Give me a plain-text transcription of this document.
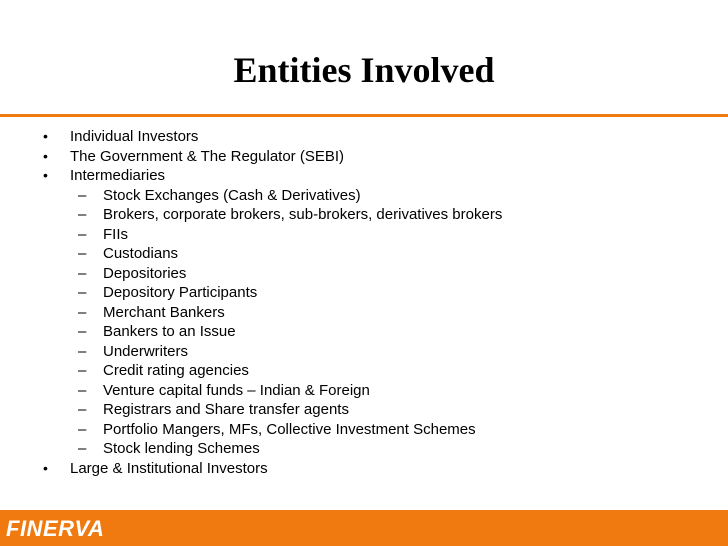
Entities Involved
• Individual Investors
• The Government & The Regulator (SEBI)
• Intermediaries
– Stock Exchanges (Cash & Derivatives)
– Brokers, corporate brokers, sub-brokers, derivatives brokers
– FIIs
– Custodians
– Depositories
– Depository Participants
– Merchant Bankers
– Bankers to an Issue
– Underwriters
– Credit rating agencies
– Venture capital funds – Indian & Foreign
– Registrars and Share transfer agents
– Portfolio Mangers, MFs, Collective Investment Schemes
– Stock lending Schemes
• Large & Institutional Investors
FINERVA
